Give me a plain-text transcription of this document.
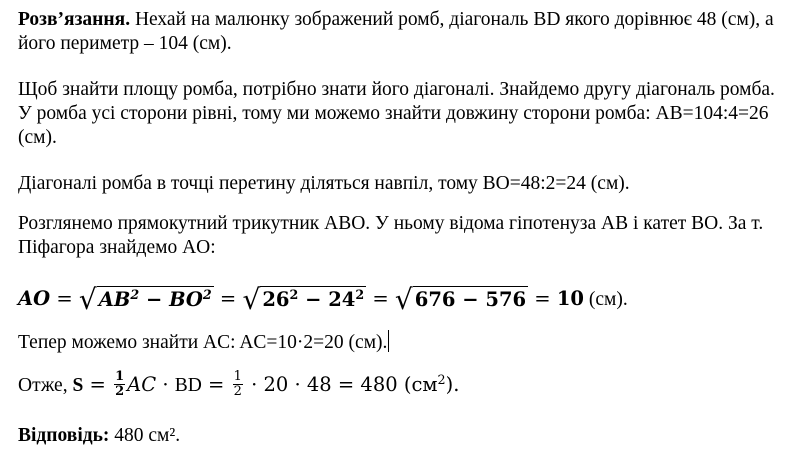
Розв’язання. Нехай на малюнку зображений ромб, діагональ BD якого дорівнює 48 (см), а його периметр – 104 (см).

Щоб знайти площу ромба, потрібно знати його діагоналі. Знайдемо другу діагональ ромба. У ромба усі сторони рівні, тому ми можемо знайти довжину сторони ромба: AB=104:4=26 (см).

Діагоналі ромба в точці перетину діляться навпіл, тому BO=48:2=24 (см).

Розглянемо прямокутний трикутник ABO. У ньому відома гіпотенуза AB і катет BO. За т. Піфагора знайдемо AO:

AO = √ $AB^2 - BO^2$ = √ $26^2 - 24^2$ = √ 676 − 576 = 10 (см).

Тепер можемо знайти AC: AC=10·2=20 (см).

Отже, $S = \frac{1}{2}$ AC · BD = $\frac{1}{2} \cdot 20 \cdot 48 = 480$ $(см^2)$.

Відповідь: 480 см².
